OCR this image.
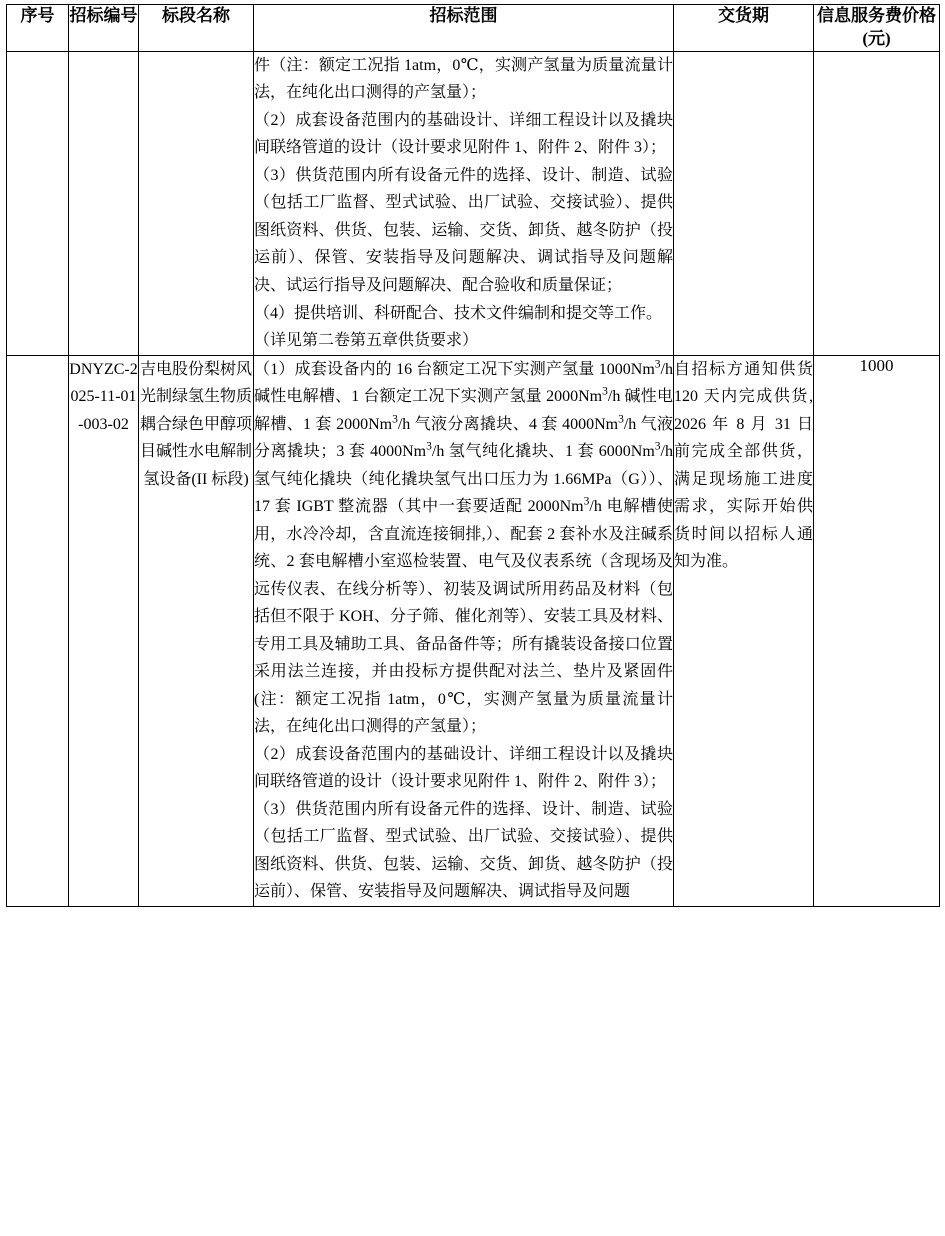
序号	招标编号	标段名称	招标范围	交货期	信息服务费价格(元)

			件（注：额定工况指 1atm，0℃，实测产氢量为质量流量计法，在纯化出口测得的产氢量）；

（2）成套设备范围内的基础设计、详细工程设计以及撬块间联络管道的设计（设计要求见附件 1、附件 2、附件 3）；

（3）供货范围内所有设备元件的选择、设计、制造、试验（包括工厂监督、型式试验、出厂试验、交接试验）、提供图纸资料、供货、包装、运输、交货、卸货、越冬防护（投运前）、保管、安装指导及问题解决、调试指导及问题解决、试运行指导及问题解决、配合验收和质量保证；

（4）提供培训、科研配合、技术文件编制和提交等工作。

（详见第二卷第五章供货要求）		

	DNYZC-2025-11-01-003-02	吉电股份梨树风光制绿氢生物质耦合绿色甲醇项目碱性水电解制氢设备(II 标段)	（1）成套设备内的 16 台额定工况下实测产氢量 1000Nm$^3$/h 碱性电解槽、1 台额定工况下实测产氢量 2000Nm$^3$/h 碱性电解槽、1 套 2000Nm$^3$/h 气液分离撬块、4 套 4000Nm$^3$/h 气液分离撬块；3 套 4000Nm$^3$/h 氢气纯化撬块、1 套 6000Nm$^3$/h 氢气纯化撬块（纯化撬块氢气出口压力为 1.66MPa（G））、17 套 IGBT 整流器（其中一套要适配 2000Nm$^3$/h 电解槽使用，水冷冷却，含直流连接铜排,）、配套 2 套补水及注碱系统、2 套电解槽小室巡检装置、电气及仪表系统（含现场及远传仪表、在线分析等）、初装及调试所用药品及材料（包括但不限于 KOH、分子筛、催化剂等）、安装工具及材料、专用工具及辅助工具、备品备件等；所有撬装设备接口位置采用法兰连接，并由投标方提供配对法兰、垫片及紧固件(注：额定工况指 1atm，0℃，实测产氢量为质量流量计法，在纯化出口测得的产氢量）；

（2）成套设备范围内的基础设计、详细工程设计以及撬块间联络管道的设计（设计要求见附件 1、附件 2、附件 3）；

（3）供货范围内所有设备元件的选择、设计、制造、试验（包括工厂监督、型式试验、出厂试验、交接试验）、提供图纸资料、供货、包装、运输、交货、卸货、越冬防护（投运前）、保管、安装指导及问题解决、调试指导及问题	自招标方通知供货 120 天内完成供货, 2026 年 8 月 31 日前完成全部供货，满足现场施工进度需求，实际开始供货时间以招标人通知为准。	1000
